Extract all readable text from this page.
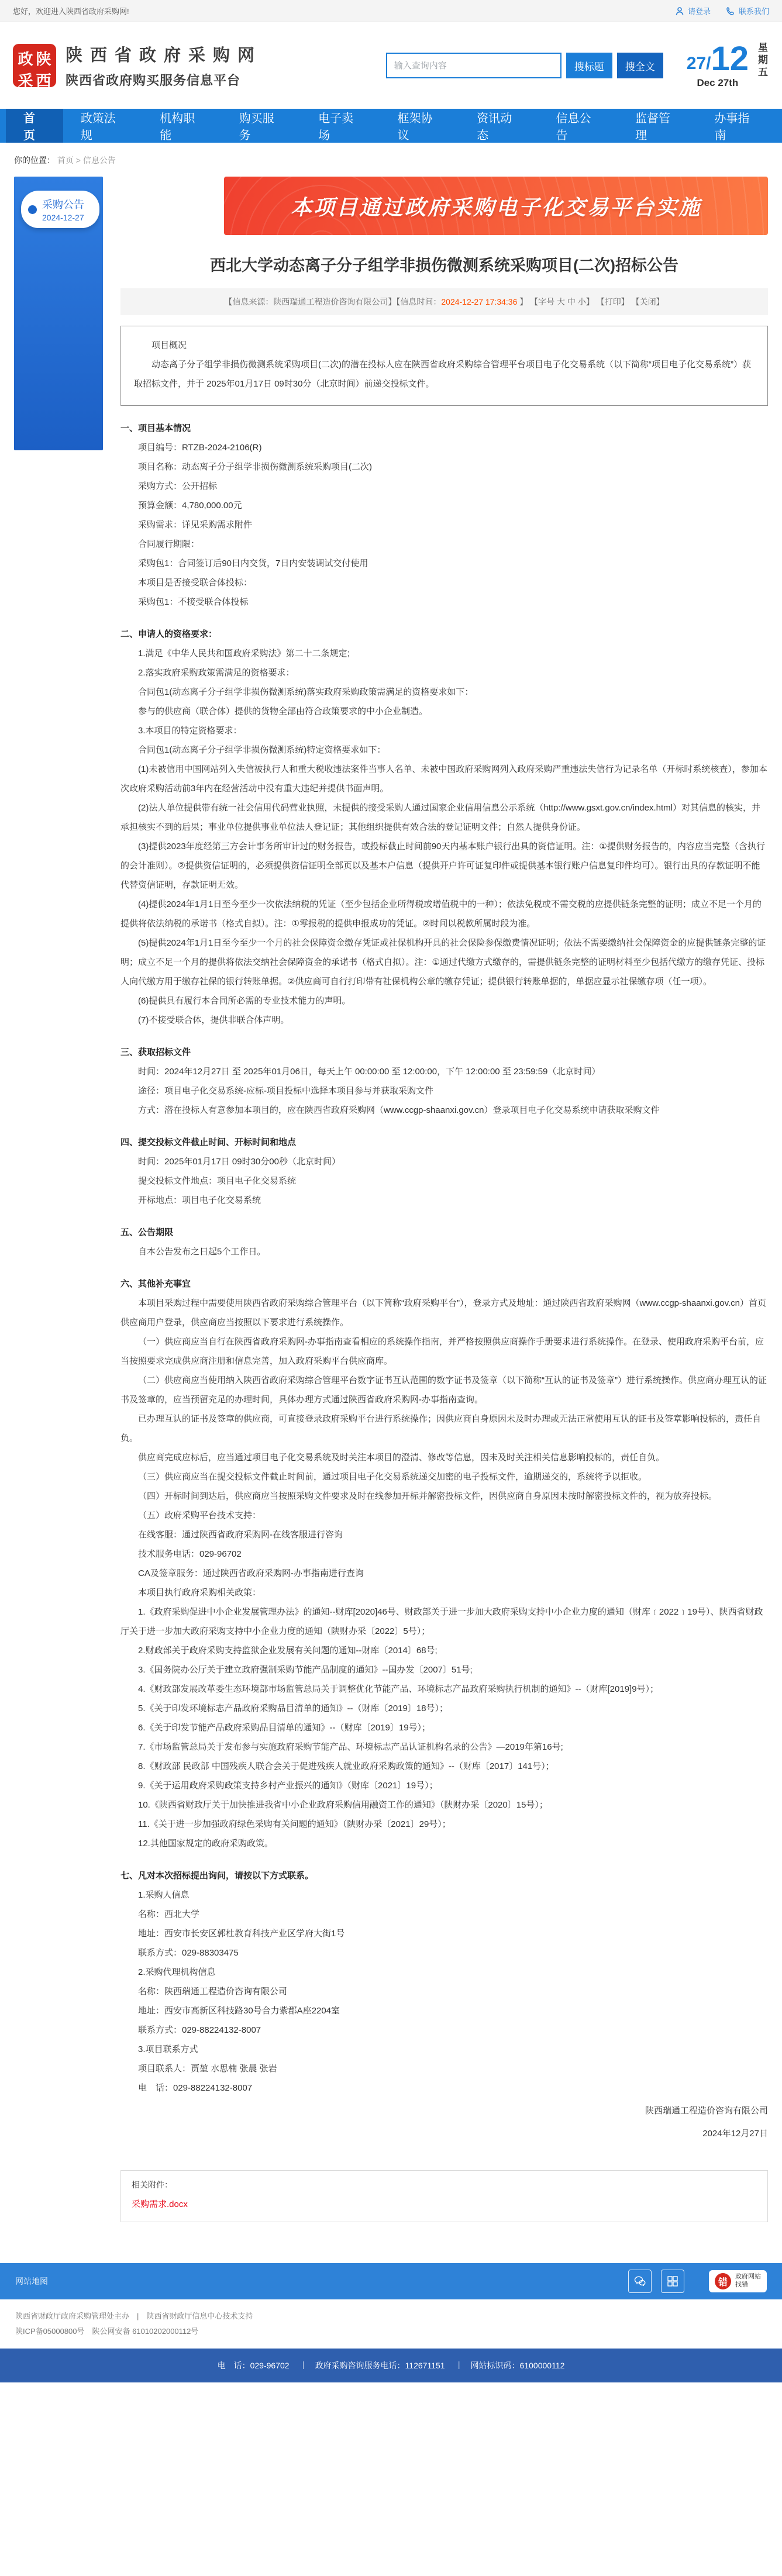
您好，欢迎进入陕西省政府采购网!	请登录	联系我们
政 陕
采 西
陕西省政府采购网
陕西省政府购买服务信息平台
输入查询内容
搜标题	搜全文	27/ 12
Dec 27th
星期五
首页
政策法规
机构职能
购买服务
电子卖场
框架协议
资讯动态
信息公告
监督管理
办事指南
你的位置： 首页 > 信息公告
采购公告
2024-12-27	本项目通过政府采购电子化交易平台实施
西北大学动态离子分子组学非损伤微测系统采购项目(二次)招标公告
【信息来源：陕西瑞通工程造价咨询有限公司】【信息时间：2024-12-27 17:34:36 】 【字号 大 中 小】 【打印】 【关闭】
项目概况

动态离子分子组学非损伤微测系统采购项目(二次)的潜在投标人应在陕西省政府采购综合管理平台项目电子化交易系统（以下简称“项目电子化交易系统”）获取招标文件，并于 2025年01月17日 09时30分（北京时间）前递交投标文件。

一、项目基本情况
项目编号：RTZB-2024-2106(R)
项目名称：动态离子分子组学非损伤微测系统采购项目(二次)
采购方式：公开招标
预算金额：4,780,000.00元
采购需求：详见采购需求附件
合同履行期限：
采购包1：合同签订后90日内交货，7日内安装调试交付使用
本项目是否接受联合体投标：
采购包1：不接受联合体投标
二、申请人的资格要求：
1.满足《中华人民共和国政府采购法》第二十二条规定;
2.落实政府采购政策需满足的资格要求：
合同包1(动态离子分子组学非损伤微测系统)落实政府采购政策需满足的资格要求如下：
参与的供应商（联合体）提供的货物全部由符合政策要求的中小企业制造。
3.本项目的特定资格要求：
合同包1(动态离子分子组学非损伤微测系统)特定资格要求如下：
(1)未被信用中国网站列入失信被执行人和重大税收违法案件当事人名单、未被中国政府采购网列入政府采购严重违法失信行为记录名单（开标时系统核查），参加本次政府采购活动前3年内在经营活动中没有重大违纪并提供书面声明。
(2)法人单位提供带有统一社会信用代码营业执照，未提供的接受采购人通过国家企业信用信息公示系统（http://www.gsxt.gov.cn/index.html）对其信息的核实，并承担核实不到的后果；事业单位提供事业单位法人登记证；其他组织提供有效合法的登记证明文件；自然人提供身份证。
(3)提供2023年度经第三方会计事务所审计过的财务报告，或投标截止时间前90天内基本账户银行出具的资信证明。注：①提供财务报告的，内容应当完整（含执行的会计准则）。②提供资信证明的，必须提供资信证明全部页以及基本户信息（提供开户许可证复印件或提供基本银行账户信息复印件均可）。银行出具的存款证明不能代替资信证明，存款证明无效。
(4)提供2024年1月1日至今至少一次依法纳税的凭证（至少包括企业所得税或增值税中的一种）；依法免税或不需交税的应提供链条完整的证明；成立不足一个月的提供将依法纳税的承诺书（格式自拟）。注：①零报税的提供申报成功的凭证。②时间以税款所属时段为准。
(5)提供2024年1月1日至今至少一个月的社会保障资金缴存凭证或社保机构开具的社会保险参保缴费情况证明；依法不需要缴纳社会保障资金的应提供链条完整的证明；成立不足一个月的提供将依法交纳社会保障资金的承诺书（格式自拟）。注：①通过代缴方式缴存的，需提供链条完整的证明材料至少包括代缴方的缴存凭证、投标人向代缴方用于缴存社保的银行转账单据。②供应商可自行打印带有社保机构公章的缴存凭证；提供银行转账单据的，单据应显示社保缴存项（任一项）。
(6)提供具有履行本合同所必需的专业技术能力的声明。
(7)不接受联合体，提供非联合体声明。
三、获取招标文件
时间：2024年12月27日 至 2025年01月06日，每天上午 00:00:00 至 12:00:00，下午 12:00:00 至 23:59:59（北京时间）
途径：项目电子化交易系统-应标-项目投标中选择本项目参与并获取采购文件
方式：潜在投标人有意参加本项目的，应在陕西省政府采购网（www.ccgp-shaanxi.gov.cn）登录项目电子化交易系统申请获取采购文件
四、提交投标文件截止时间、开标时间和地点
时间：2025年01月17日 09时30分00秒（北京时间）
提交投标文件地点：项目电子化交易系统
开标地点：项目电子化交易系统
五、公告期限
自本公告发布之日起5个工作日。
六、其他补充事宜
本项目采购过程中需要使用陕西省政府采购综合管理平台（以下简称“政府采购平台”），登录方式及地址：通过陕西省政府采购网（www.ccgp-shaanxi.gov.cn）首页供应商用户登录，供应商应当按照以下要求进行系统操作。
（一）供应商应当自行在陕西省政府采购网-办事指南查看相应的系统操作指南，并严格按照供应商操作手册要求进行系统操作。在登录、使用政府采购平台前，应当按照要求完成供应商注册和信息完善，加入政府采购平台供应商库。
（二）供应商应当使用纳入陕西省政府采购综合管理平台数字证书互认范围的数字证书及签章（以下简称“互认的证书及签章”）进行系统操作。供应商办理互认的证书及签章的，应当预留充足的办理时间，具体办理方式通过陕西省政府采购网-办事指南查询。
已办理互认的证书及签章的供应商，可直接登录政府采购平台进行系统操作；因供应商自身原因未及时办理或无法正常使用互认的证书及签章影响投标的，责任自负。
供应商完成应标后，应当通过项目电子化交易系统及时关注本项目的澄清、修改等信息，因未及时关注相关信息影响投标的，责任自负。
（三）供应商应当在提交投标文件截止时间前，通过项目电子化交易系统递交加密的电子投标文件，逾期递交的，系统将予以拒收。
（四）开标时间到达后，供应商应当按照采购文件要求及时在线参加开标并解密投标文件，因供应商自身原因未按时解密投标文件的，视为放弃投标。
（五）政府采购平台技术支持：
在线客服：通过陕西省政府采购网-在线客服进行咨询
技术服务电话：029-96702
CA及签章服务：通过陕西省政府采购网-办事指南进行查询
本项目执行政府采购相关政策：
1.《政府采购促进中小企业发展管理办法》的通知--财库[2020]46号、财政部关于进一步加大政府采购支持中小企业力度的通知（财库﹝2022﹞19号）、陕西省财政厅关于进一步加大政府采购支持中小企业力度的通知（陕财办采〔2022〕5号）；
2.财政部关于政府采购支持监狱企业发展有关问题的通知--财库〔2014〕68号;
3.《国务院办公厅关于建立政府强制采购节能产品制度的通知》--国办发〔2007〕51号;
4.《财政部发展改革委生态环境部市场监管总局关于调整优化节能产品、环境标志产品政府采购执行机制的通知》--（财库[2019]9号）；
5.《关于印发环境标志产品政府采购品目清单的通知》--（财库〔2019〕18号）；
6.《关于印发节能产品政府采购品目清单的通知》--（财库〔2019〕19号）；
7.《市场监管总局关于发布参与实施政府采购节能产品、环境标志产品认证机构名录的公告》—2019年第16号;
8.《财政部 民政部 中国残疾人联合会关于促进残疾人就业政府采购政策的通知》--（财库〔2017〕141号）；
9.《关于运用政府采购政策支持乡村产业振兴的通知》（财库〔2021〕19号）；
10.《陕西省财政厅关于加快推进我省中小企业政府采购信用融资工作的通知》（陕财办采〔2020〕15号）；
11.《关于进一步加强政府绿色采购有关问题的通知》（陕财办采〔2021〕29号）；
12.其他国家规定的政府采购政策。
七、凡对本次招标提出询问，请按以下方式联系。
1.采购人信息
名称：西北大学
地址：西安市长安区郭杜教育科技产业区学府大街1号
联系方式：029-88303475
2.采购代理机构信息
名称：陕西瑞通工程造价咨询有限公司
地址：西安市高新区科技路30号合力紫郡A座2204室
联系方式：029-88224132-8007
3.项目联系方式
项目联系人：贾堃 水思楠 张晨 张岩
电　话：029-88224132-8007
陕西瑞通工程造价咨询有限公司
2024年12月27日
相关附件：
采购需求.docx
网站地图	错
政府网站
找错
陕西省财政厅政府采购管理处主办　|　陕西省财政厅信息中心技术支持
陕ICP备05000800号　陕公网安备 61010202000112号
电　话：029-96702 |	政府采购咨询服务电话：112671151 |	网站标识码：6100000112
